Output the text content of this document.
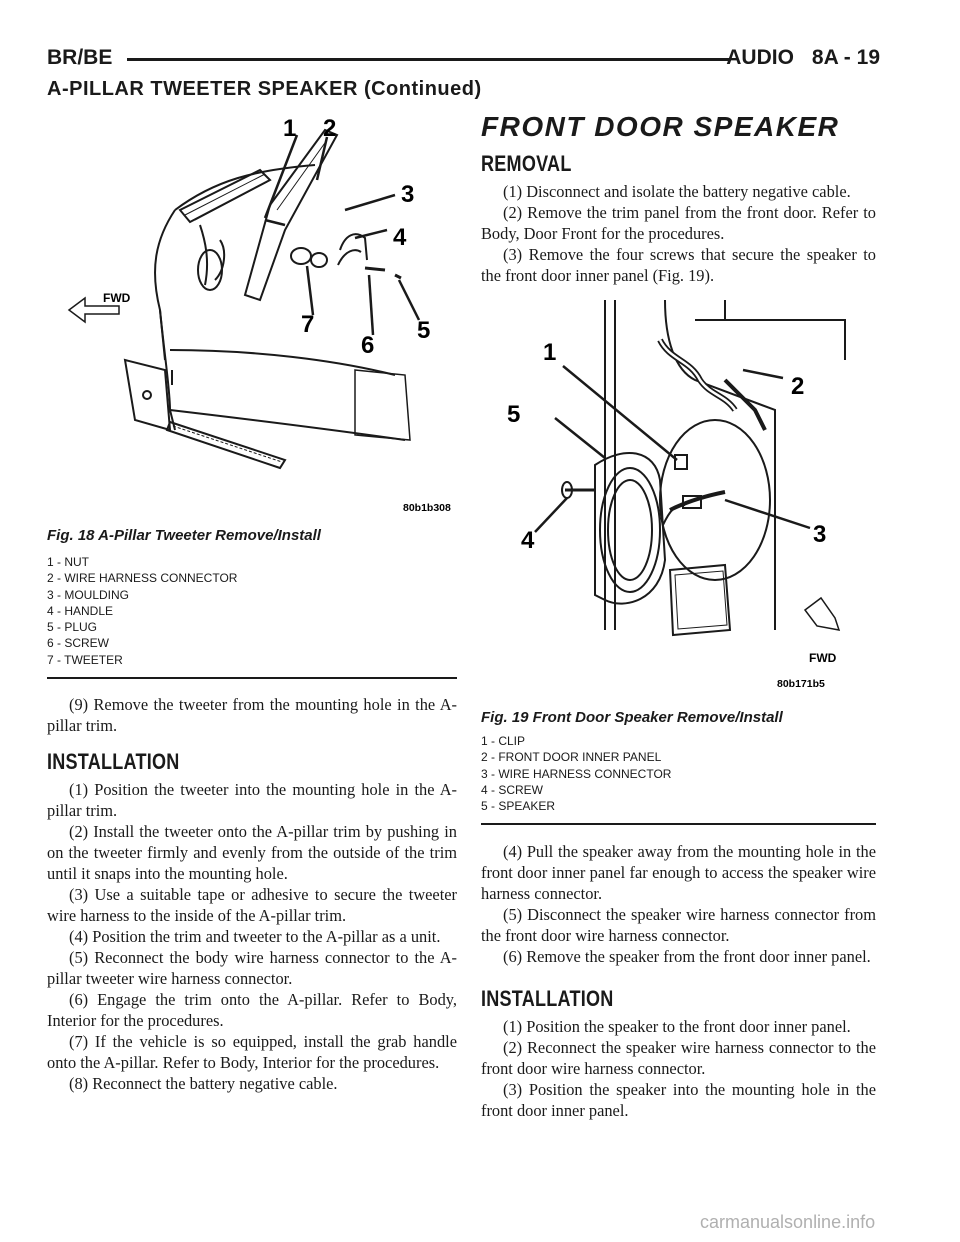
BR/BE	AUDIO 8A - 19
A-PILLAR TWEETER SPEAKER (Continued)
1 2
3
4
5
6
7
FWD
80b1b308
Fig. 18 A-Pillar Tweeter Remove/Install
1 - NUT
2 - WIRE HARNESS CONNECTOR
3 - MOULDING
4 - HANDLE
5 - PLUG
6 - SCREW
7 - TWEETER

(9) Remove the tweeter from the mounting hole in the A-pillar trim.

INSTALLATION

(1) Position the tweeter into the mounting hole in the A-pillar trim.

(2) Install the tweeter onto the A-pillar trim by pushing in on the tweeter firmly and evenly from the outside of the trim until it snaps into the mounting hole.

(3) Use a suitable tape or adhesive to secure the tweeter wire harness to the inside of the A-pillar trim.

(4) Position the trim and tweeter to the A-pillar as a unit.

(5) Reconnect the body wire harness connector to the A-pillar tweeter wire harness connector.

(6) Engage the trim onto the A-pillar. Refer to Body, Interior for the procedures.

(7) If the vehicle is so equipped, install the grab handle onto the A-pillar. Refer to Body, Interior for the procedures.

(8) Reconnect the battery negative cable.

FRONT DOOR SPEAKER
REMOVAL

(1) Disconnect and isolate the battery negative cable.

(2) Remove the trim panel from the front door. Refer to Body, Door Front for the procedures.

(3) Remove the four screws that secure the speaker to the front door inner panel (Fig. 19).

1
2
3
4
5
FWD
80b171b5
Fig. 19 Front Door Speaker Remove/Install
1 - CLIP
2 - FRONT DOOR INNER PANEL
3 - WIRE HARNESS CONNECTOR
4 - SCREW
5 - SPEAKER

(4) Pull the speaker away from the mounting hole in the front door inner panel far enough to access the speaker wire harness connector.

(5) Disconnect the speaker wire harness connector from the front door wire harness connector.

(6) Remove the speaker from the front door inner panel.

INSTALLATION

(1) Position the speaker to the front door inner panel.

(2) Reconnect the speaker wire harness connector to the front door wire harness connector.

(3) Position the speaker into the mounting hole in the front door inner panel.

carmanualsonline.info
